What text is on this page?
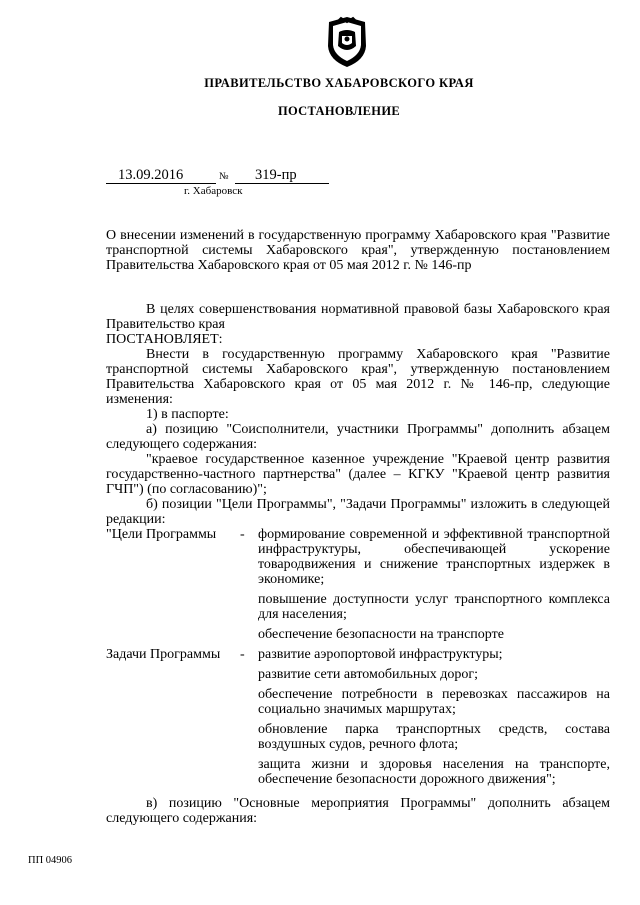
ПРАВИТЕЛЬСТВО ХАБАРОВСКОГО КРАЯ
ПОСТАНОВЛЕНИЕ
13.09.2016	№	319-пр
г. Хабаровск
О внесении изменений в государственную программу Хабаровского края "Развитие транспортной системы Хабаровского края", утвержденную постановлением Правительства Хабаровского края от 05 мая 2012 г. № 146-пр

В целях совершенствования нормативной правовой базы Хабаровского края Правительство края

ПОСТАНОВЛЯЕТ:

Внести в государственную программу Хабаровского края "Развитие транспортной системы Хабаровского края", утвержденную постановлением Правительства Хабаровского края от 05 мая 2012 г. № 146-пр, следующие изменения:

1) в паспорте:

а) позицию "Соисполнители, участники Программы" дополнить абзацем следующего содержания:

"краевое государственное казенное учреждение "Краевой центр развития государственно-частного партнерства" (далее – КГКУ "Краевой центр развития ГЧП") (по согласованию)";

б) позиции "Цели Программы", "Задачи Программы" изложить в следующей редакции:

"Цели Программы	- формирование современной и эффективной транспортной инфраструктуры, обеспечивающей ускорение товародвижения и снижение транспортных издержек в экономике;
повышение доступности услуг транспортного комплекса для населения;
обеспечение безопасности на транспорте
Задачи Программы	- развитие аэропортовой инфраструктуры;
развитие сети автомобильных дорог;
обеспечение потребности в перевозках пассажиров на социально значимых маршрутах;
обновление парка транспортных средств, состава воздушных судов, речного флота;
защита жизни и здоровья населения на транспорте, обеспечение безопасности дорожного движения";

в) позицию "Основные мероприятия Программы" дополнить абзацем следующего содержания:

ПП 04906
